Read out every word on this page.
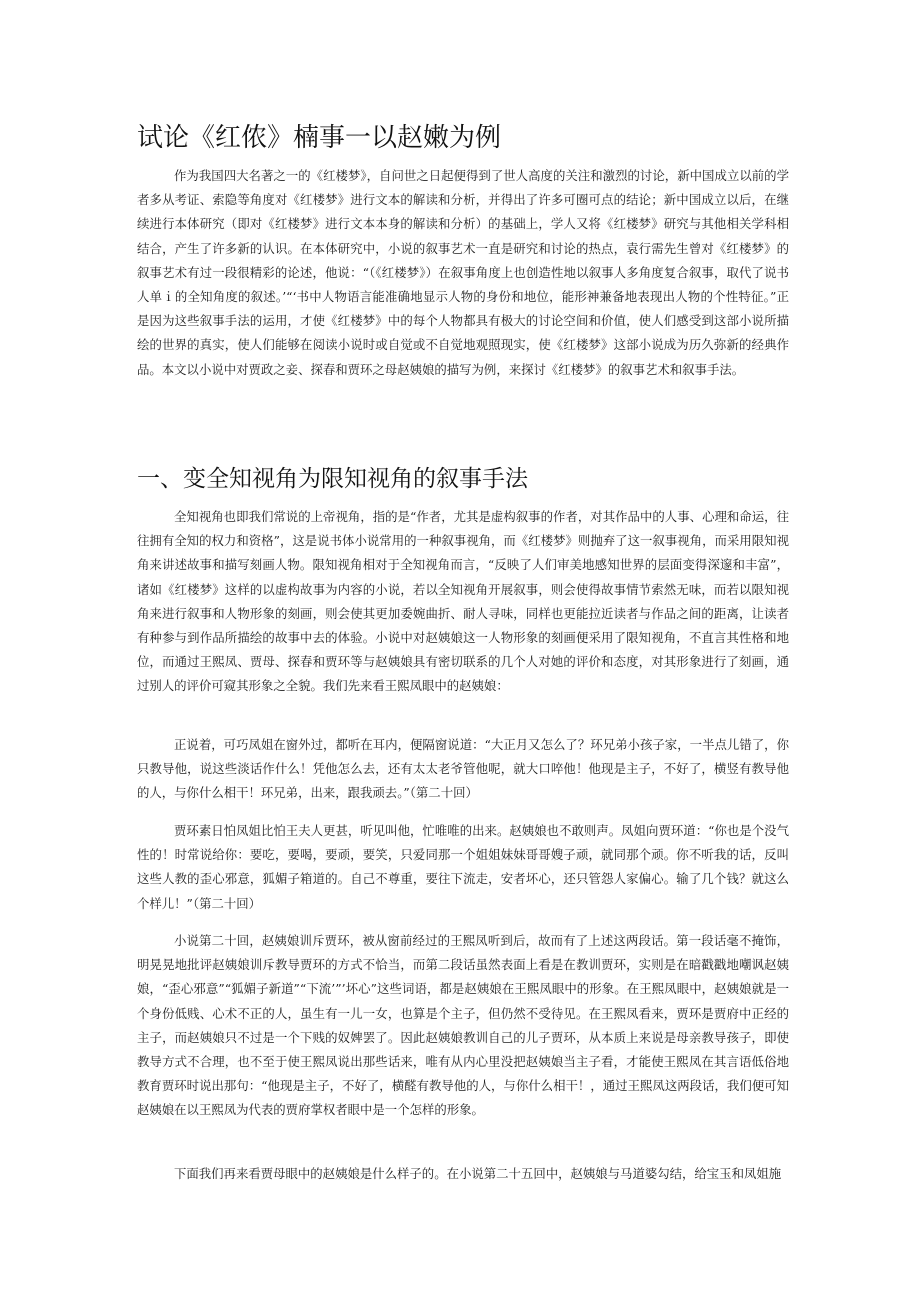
试论《红侬》楠事一以赵嫩为例

作为我国四大名著之一的《红楼梦》，自问世之日起便得到了世人高度的关注和激烈的讨论，新中国成立以前的学者多从考证、索隐等角度对《红楼梦》进行文本的解读和分析，并得出了许多可圈可点的结论；新中国成立以后，在继续进行本体研究（即对《红楼梦》进行文本本身的解读和分析）的基础上，学人又将《红楼梦》研究与其他相关学科相结合，产生了许多新的认识。在本体研究中，小说的叙事艺术一直是研究和讨论的热点，袁行需先生曾对《红楼梦》的叙事艺术有过一段很精彩的论述，他说：“（《红楼梦》）在叙事角度上也创造性地以叙事人多角度复合叙事，取代了说书人单ｉ的全知角度的叙述。’“‘书中人物语言能准确地显示人物的身份和地位，能形神兼备地表现出人物的个性特征。”正是因为这些叙事手法的运用，才使《红楼梦》中的每个人物都具有极大的讨论空间和价值，使人们感受到这部小说所描绘的世界的真实，使人们能够在阅读小说时或自觉或不自觉地观照现实，使《红楼梦》这部小说成为历久弥新的经典作品。本文以小说中对贾政之妾、探春和贾环之母赵姨娘的描写为例，来探讨《红楼梦》的叙事艺术和叙事手法。

一、变全知视角为限知视角的叙事手法

全知视角也即我们常说的上帝视角，指的是“作者，尤其是虚构叙事的作者，对其作品中的人事、心理和命运，往往拥有全知的权力和资格”，这是说书体小说常用的一种叙事视角，而《红楼梦》则抛弃了这一叙事视角，而采用限知视角来讲述故事和描写刻画人物。限知视角相对于全知视角而言，“反映了人们审美地感知世界的层面变得深邃和丰富”，诸如《红楼梦》这样的以虚构故事为内容的小说，若以全知视角开展叙事，则会使得故事情节索然无味，而若以限知视角来进行叙事和人物形象的刻画，则会使其更加委婉曲折、耐人寻味，同样也更能拉近读者与作品之间的距离，让读者有种参与到作品所描绘的故事中去的体验。小说中对赵姨娘这一人物形象的刻画便采用了限知视角，不直言其性格和地位，而通过王熙凤、贾母、探春和贾环等与赵姨娘具有密切联系的几个人对她的评价和态度，对其形象进行了刻画，通过别人的评价可窥其形象之全貌。我们先来看王熙凤眼中的赵姨娘：

正说着，可巧凤姐在窗外过，都听在耳内，便隔窗说道：“大正月又怎么了？环兄弟小孩子家，一半点儿错了，你只教导他，说这些淡话作什么！凭他怎么去，还有太太老爷管他呢，就大口啐他！他现是主子，不好了，横竖有教导他的人，与你什么相干！环兄弟，出来，跟我顽去。”（第二十回）

贾环素日怕凤姐比怕王夫人更甚，听见叫他，忙唯唯的出来。赵姨娘也不敢则声。凤姐向贾环道：“你也是个没气性的！时常说给你：要吃，要喝，要顽，要笑，只爱同那一个姐姐妹妹哥哥嫂子顽，就同那个顽。你不听我的话，反叫这些人教的歪心邪意，狐媚子箱道的。自己不尊重，要往下流走，安者坏心，还只管怨人家偏心。输了几个钱？就这么个样儿！”（第二十回）

小说第二十回，赵姨娘训斥贾环，被从窗前经过的王熙凤听到后，故而有了上述这两段话。第一段话毫不掩饰，明晃晃地批评赵姨娘训斥教导贾环的方式不恰当，而第二段话虽然表面上看是在教训贾环，实则是在暗戳戳地嘲讽赵姨娘，“歪心邪意”“狐媚子新道”“下流’”’坏心”这些词语，都是赵姨娘在王熙凤眼中的形象。在王熙凤眼中，赵姨娘就是一个身份低贱、心术不正的人，虽生有一儿一女，也算是个主子，但仍然不受待见。在王熙凤看来，贾环是贾府中正经的主子，而赵姨娘只不过是一个下贱的奴婢罢了。因此赵姨娘教训自己的儿子贾环，从本质上来说是母亲教导孩子，即使教导方式不合理，也不至于使王熙凤说出那些话来，唯有从内心里没把赵姨娘当主子看，才能使王熙凤在其言语低俗地教育贾环时说出那句：“他现是主子，不好了，横醛有教导他的人，与你什么相干！，通过王熙凤这两段话，我们便可知赵姨娘在以王熙凤为代表的贾府掌权者眼中是一个怎样的形象。

下面我们再来看贾母眼中的赵姨娘是什么样子的。在小说第二十五回中，赵姨娘与马道婆勾结，给宝玉和凤姐施
